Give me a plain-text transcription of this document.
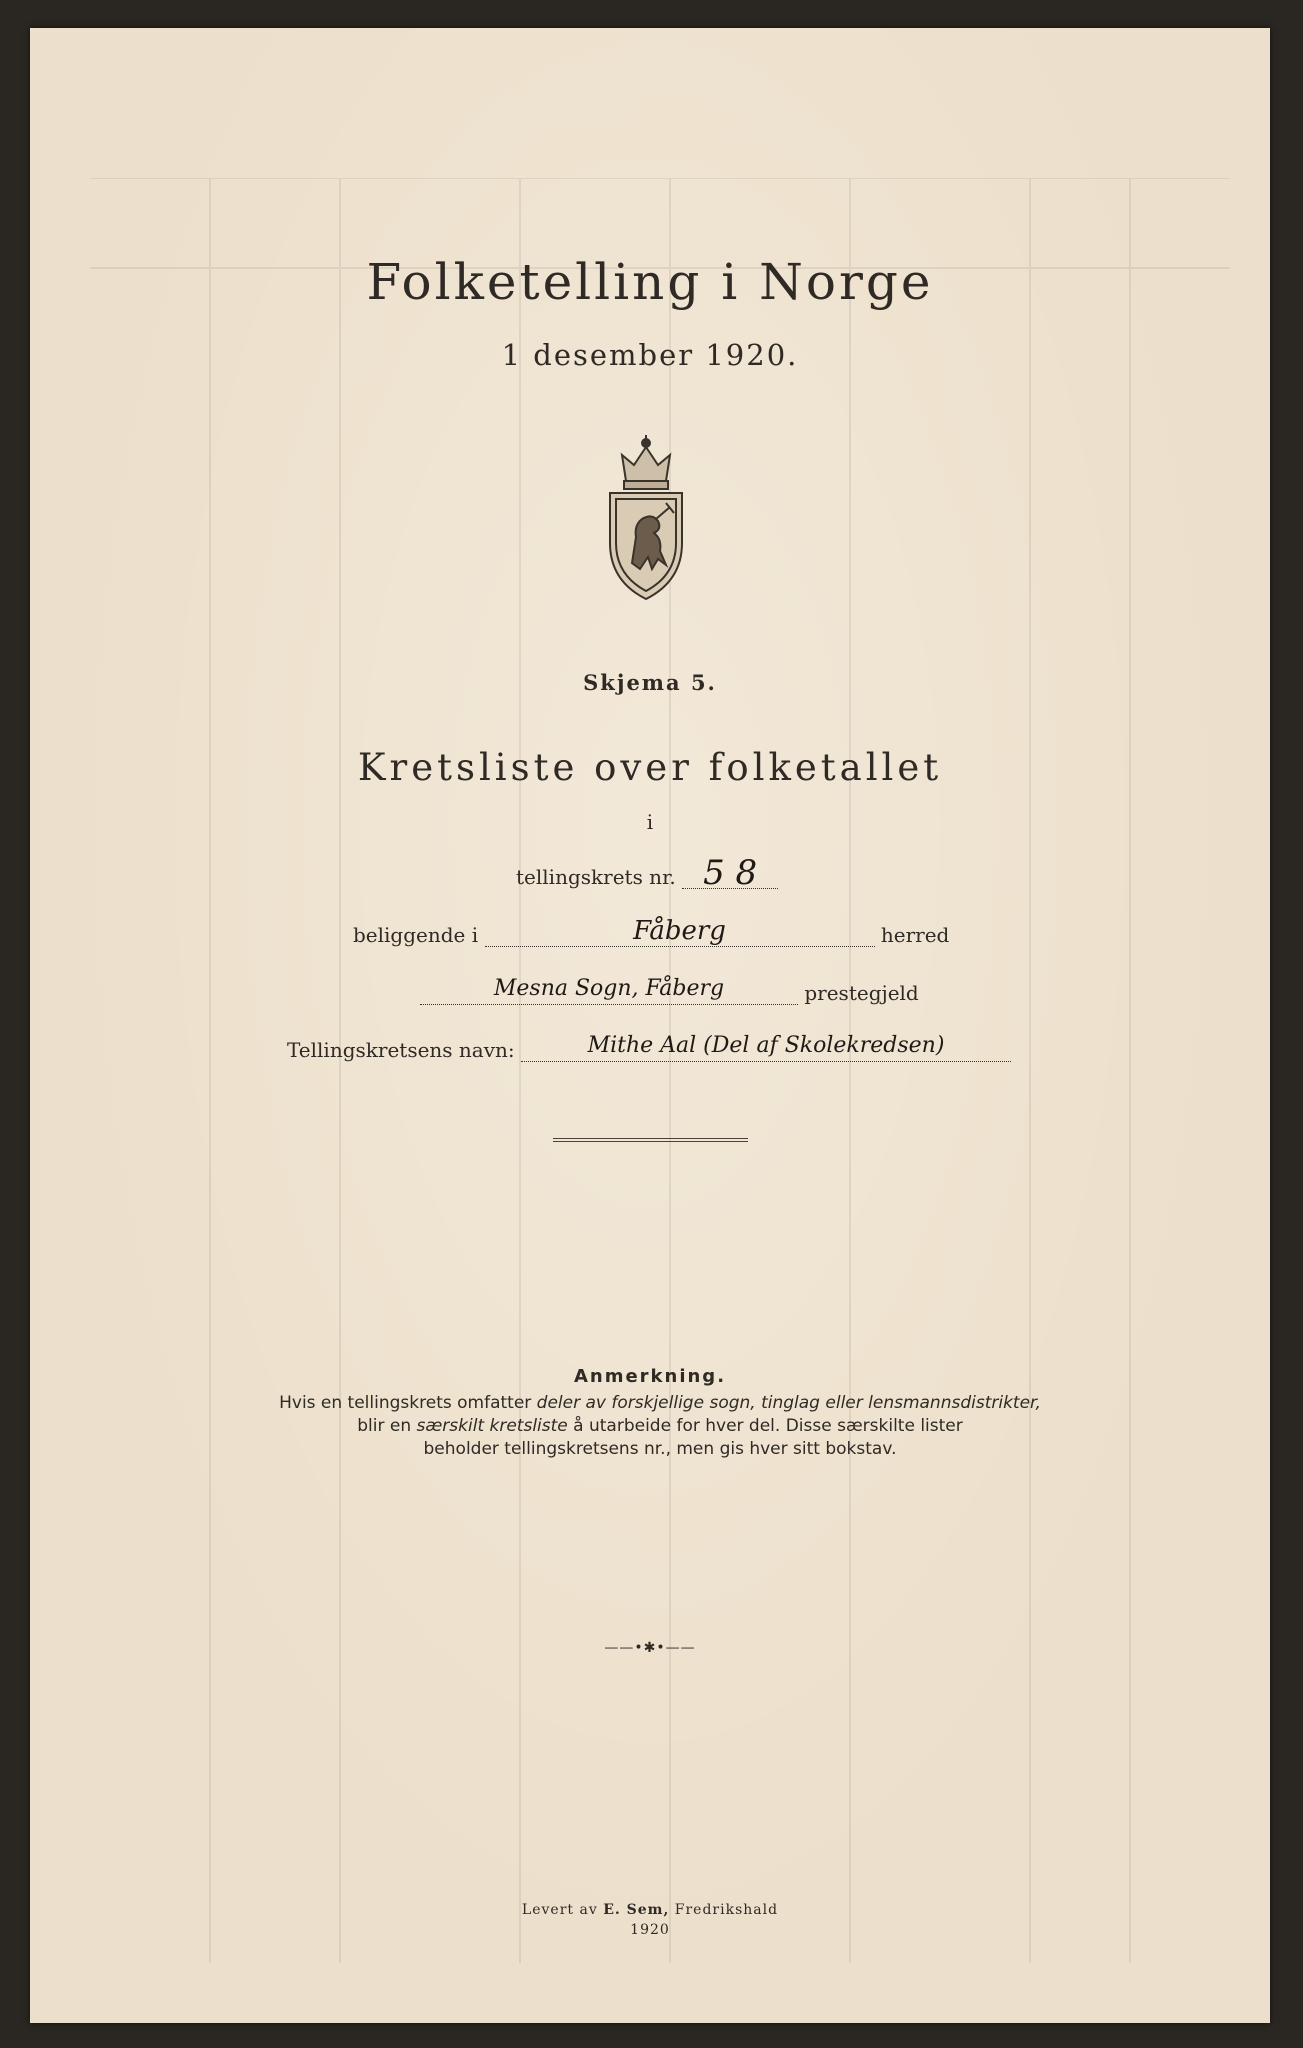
Folketelling i Norge
1 desember 1920.
Skjema 5.
Kretsliste over folketallet
i
tellingskrets nr. 5 8
beliggende i	Fåberg	herred
Mesna Sogn, Fåberg	prestegjeld
Tellingskretsens navn:	Mithe Aal (Del af Skolekredsen)
Anmerkning.
Hvis en tellingskrets omfatter deler av forskjellige sogn, tinglag eller lensmannsdistrikter,
blir en særskilt kretsliste å utarbeide for hver del. Disse særskilte lister
beholder tellingskretsens nr., men gis hver sitt bokstav.
——•✱•——
Levert av E. Sem, Fredrikshald
1920
